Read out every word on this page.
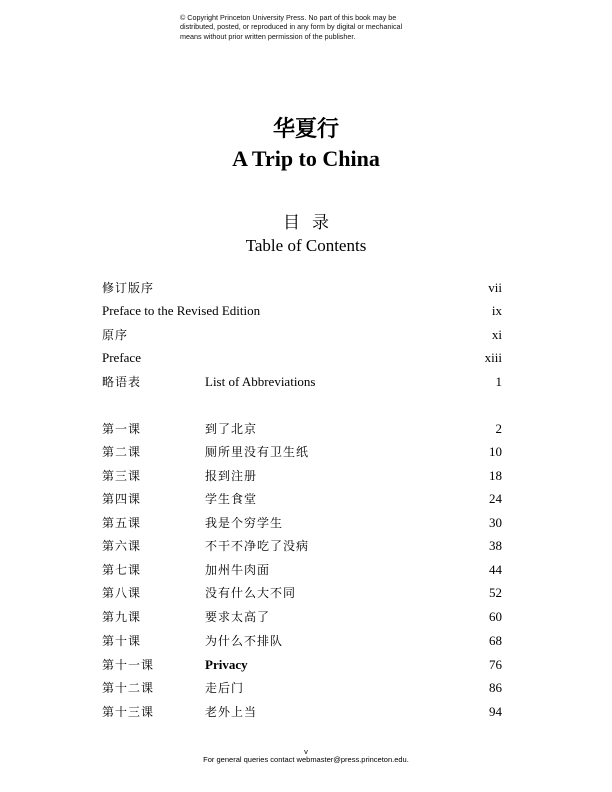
© Copyright Princeton University Press. No part of this book may be
distributed, posted, or reproduced in any form by digital or mechanical
means without prior written permission of the publisher.
华夏行
A Trip to China
目录
Table of Contents
修订版序	vii
Preface to the Revised Edition	ix
原序	xi
Preface	xiii
略语表	List of Abbreviations	1
第一课	到了北京	2
第二课	厕所里没有卫生纸	10
第三课	报到注册	18
第四课	学生食堂	24
第五课	我是个穷学生	30
第六课	不干不净吃了没病	38
第七课	加州牛肉面	44
第八课	没有什么大不同	52
第九课	要求太高了	60
第十课	为什么不排队	68
第十一课	Privacy	76
第十二课	走后门	86
第十三课	老外上当	94
v
For general queries contact webmaster@press.princeton.edu.
